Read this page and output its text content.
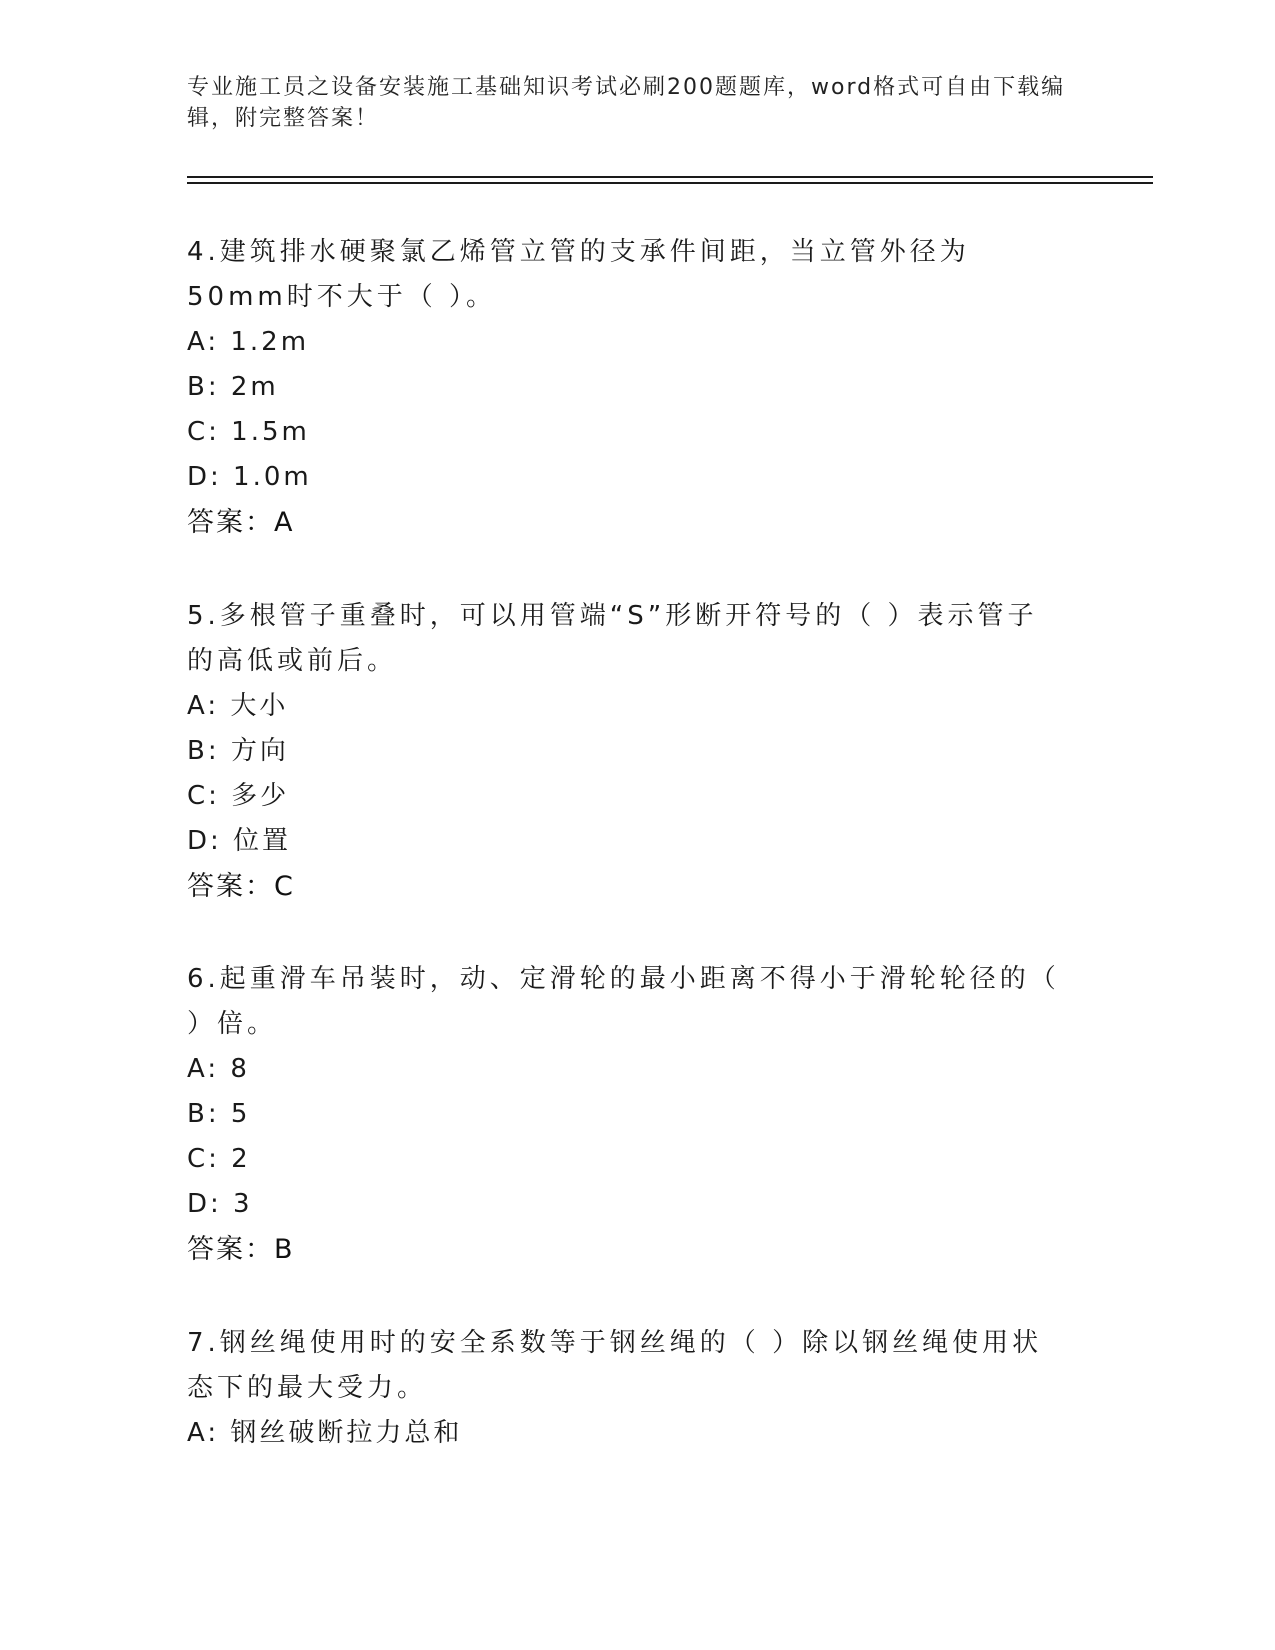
专业施工员之设备安装施工基础知识考试必刷200题题库，word格式可自由下载编辑，附完整答案！
4.建筑排水硬聚氯乙烯管立管的支承件间距，当立管外径为50mm时不大于（ ）。
A: 1.2m
B: 2m
C: 1.5m
D: 1.0m
答案：A
5.多根管子重叠时，可以用管端“S”形断开符号的（ ）表示管子的高低或前后。
A: 大小
B: 方向
C: 多少
D: 位置
答案：C
6.起重滑车吊装时，动、定滑轮的最小距离不得小于滑轮轮径的（ ）倍。
A: 8
B: 5
C: 2
D: 3
答案：B
7.钢丝绳使用时的安全系数等于钢丝绳的（ ）除以钢丝绳使用状态下的最大受力。
A: 钢丝破断拉力总和
